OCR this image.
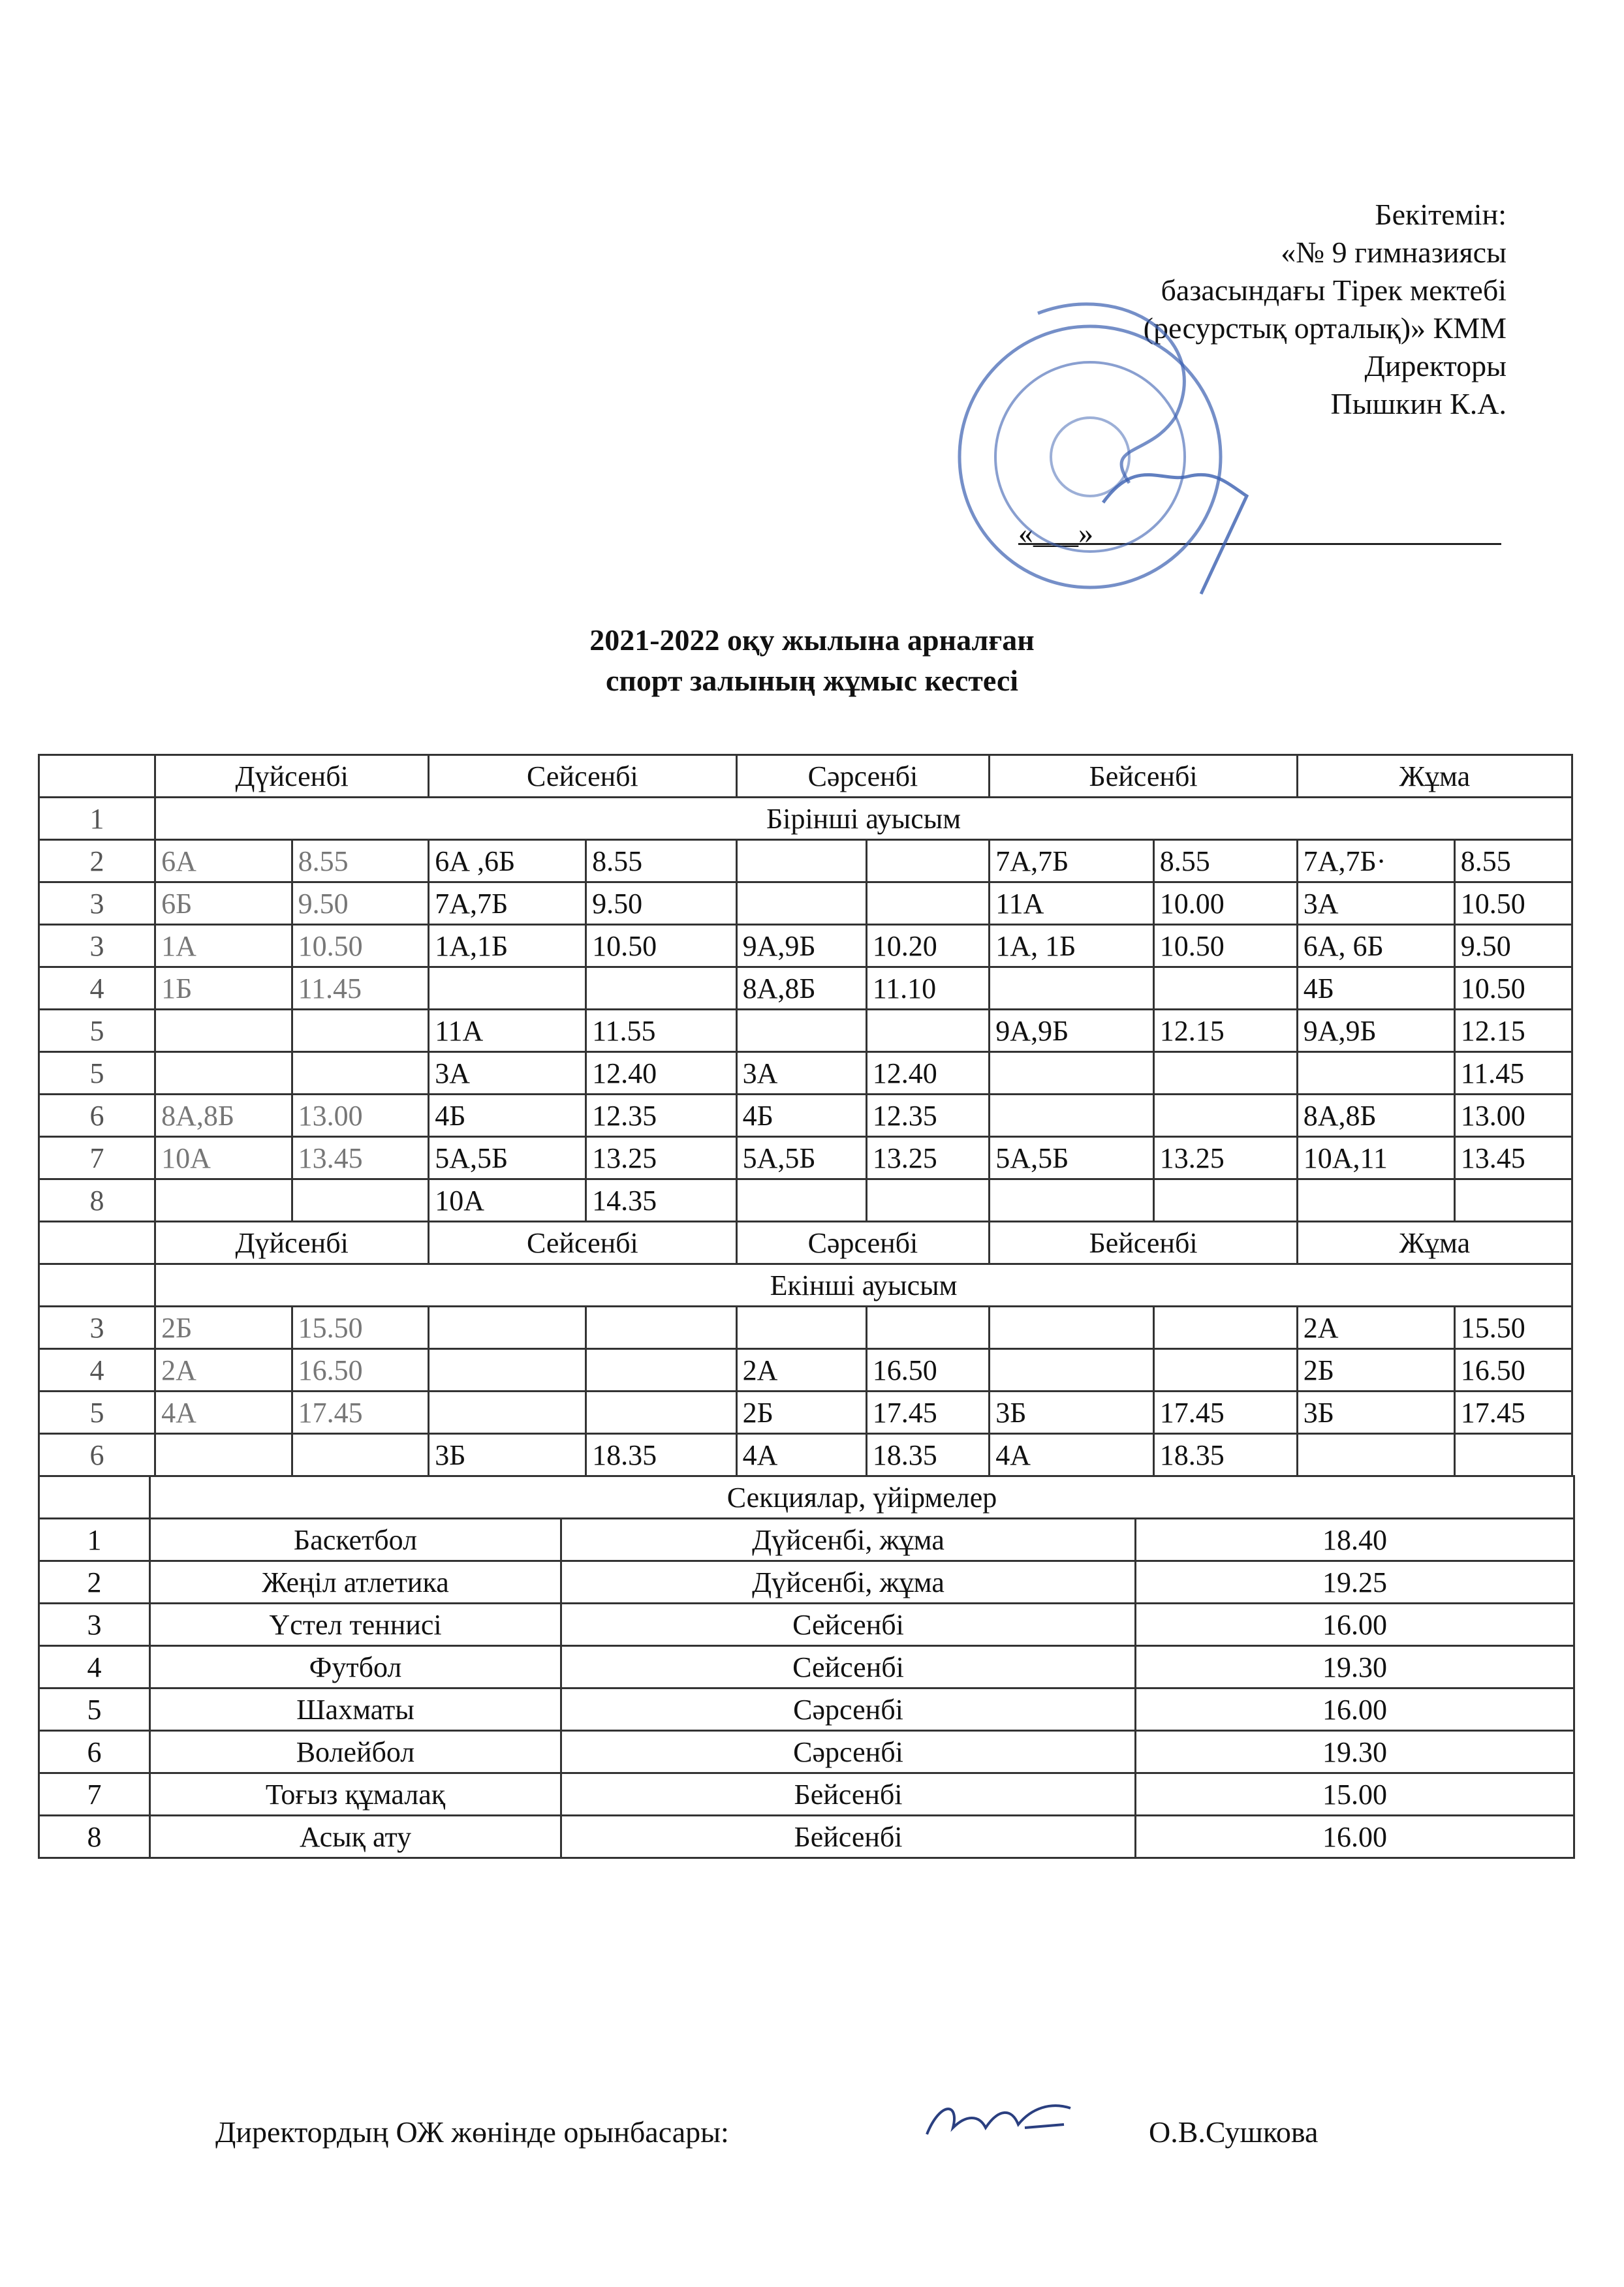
Бекітемін:
«№ 9 гимназиясы
базасындағы Тірек мектебі
(ресурстық орталық)» КММ
Директоры
Пышкин К.А.
«___»
2021-2022 оқу жылына арналған
спорт залының жұмыс кестесі
	Дүйсенбі		Сейсенбі		Сәрсенбі		Бейсенбі		Жұма	
1	Бірінші ауысым									
2	6А	8.55	6А ,6Б	8.55			7А,7Б	8.55	7А,7Б·	8.55
3	6Б	9.50	7А,7Б	9.50			11А	10.00	3А	10.50
3	1А	10.50	1А,1Б	10.50	9А,9Б	10.20	1А, 1Б	10.50	6А, 6Б	9.50
4	1Б	11.45			8А,8Б	11.10			4Б	10.50
5			11А	11.55			9А,9Б	12.15	9А,9Б	12.15
5			3А	12.40	3А	12.40				11.45
6	8А,8Б	13.00	4Б	12.35	4Б	12.35			8А,8Б	13.00
7	10А	13.45	5А,5Б	13.25	5А,5Б	13.25	5А,5Б	13.25	10А,11	13.45
8			10А	14.35						
	Дүйсенбі		Сейсенбі		Сәрсенбі		Бейсенбі		Жұма	
	Екінші ауысым									
3	2Б	15.50							2А	15.50
4	2А	16.50			2А	16.50			2Б	16.50
5	4А	17.45			2Б	17.45	3Б	17.45	3Б	17.45
6			3Б	18.35	4А	18.35	4А	18.35		
	Секциялар, үйірмелер		
1	Баскетбол	Дүйсенбі, жұма	18.40
2	Жеңіл атлетика	Дүйсенбі, жұма	19.25
3	Үстел теннисі	Сейсенбі	16.00
4	Футбол	Сейсенбі	19.30
5	Шахматы	Сәрсенбі	16.00
6	Волейбол	Сәрсенбі	19.30
7	Тоғыз құмалақ	Бейсенбі	15.00
8	Асық ату	Бейсенбі	16.00
Директордың ОЖ жөнінде орынбасары:	О.В.Сушкова
